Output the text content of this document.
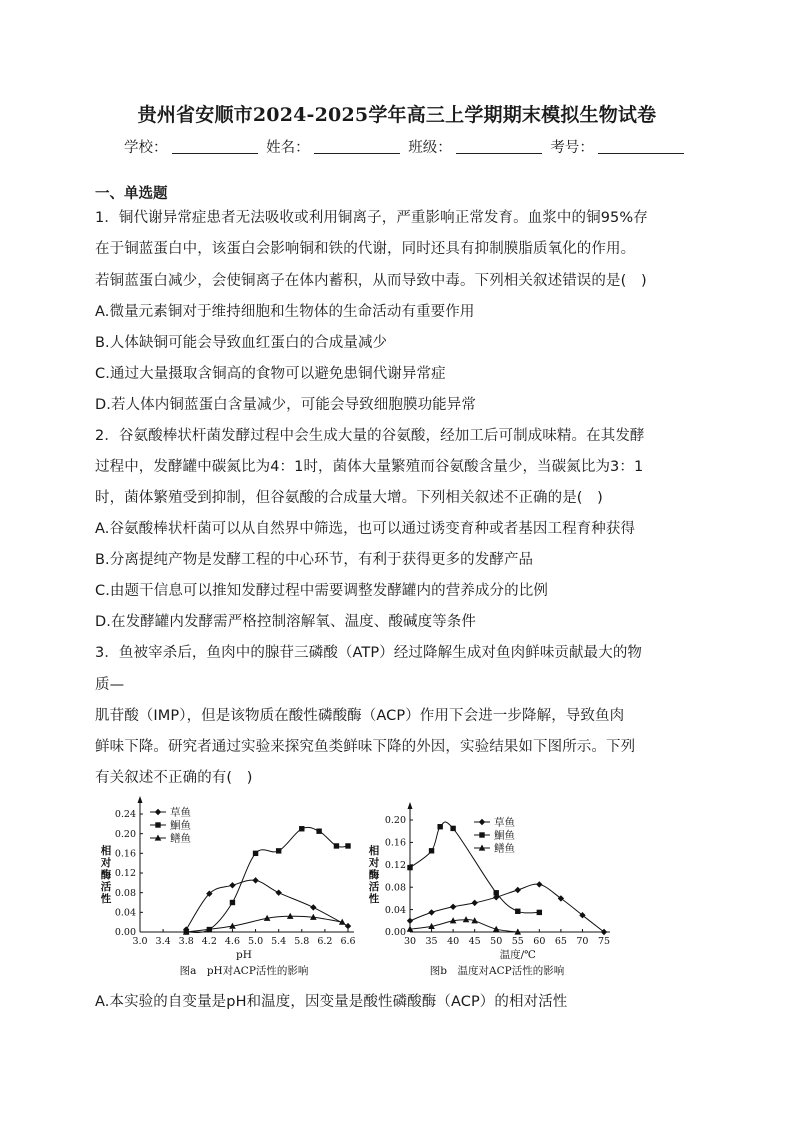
贵州省安顺市2024-2025学年高三上学期期末模拟生物试卷
学校：	姓名：	班级：	考号：
一、单选题
1．铜代谢异常症患者无法吸收或利用铜离子，严重影响正常发育。血浆中的铜95%存
在于铜蓝蛋白中，该蛋白会影响铜和铁的代谢，同时还具有抑制膜脂质氧化的作用。
若铜蓝蛋白减少，会使铜离子在体内蓄积，从而导致中毒。下列相关叙述错误的是(　)
A.微量元素铜对于维持细胞和生物体的生命活动有重要作用
B.人体缺铜可能会导致血红蛋白的合成量减少
C.通过大量摄取含铜高的食物可以避免患铜代谢异常症
D.若人体内铜蓝蛋白含量减少，可能会导致细胞膜功能异常
2．谷氨酸棒状杆菌发酵过程中会生成大量的谷氨酸，经加工后可制成味精。在其发酵
过程中，发酵罐中碳氮比为4：1时，菌体大量繁殖而谷氨酸含量少，当碳氮比为3：1
时，菌体繁殖受到抑制，但谷氨酸的合成量大增。下列相关叙述不正确的是(　)
A.谷氨酸棒状杆菌可以从自然界中筛选，也可以通过诱变育种或者基因工程育种获得
B.分离提纯产物是发酵工程的中心环节，有利于获得更多的发酵产品
C.由题干信息可以推知发酵过程中需要调整发酵罐内的营养成分的比例
D.在发酵罐内发酵需严格控制溶解氧、温度、酸碱度等条件
3．鱼被宰杀后，鱼肉中的腺苷三磷酸（ATP）经过降解生成对鱼肉鲜味贡献最大的物
质—
肌苷酸（IMP），但是该物质在酸性磷酸酶（ACP）作用下会进一步降解，导致鱼肉
鲜味下降。研究者通过实验来探究鱼类鲜味下降的外因，实验结果如下图所示。下列
有关叙述不正确的有(　)
3.0 3.4 3.8 4.2 4.6 5.0 5.4 5.8 6.2 6.6
0.00
0.04
0.08
0.12
0.16
0.20
0.24
相
对
酶
活
性
pH
图a　pH对ACP活性的影响
草鱼
鮰鱼
鳝鱼
30 35 40 45 50 55 60 65 70 75
0.00
0.04
0.08
0.12
0.16
0.20
相
对
酶
活
性
温度/℃
图b　温度对ACP活性的影响
草鱼
鮰鱼
鳝鱼
A.本实验的自变量是pH和温度，因变量是酸性磷酸酶（ACP）的相对活性
